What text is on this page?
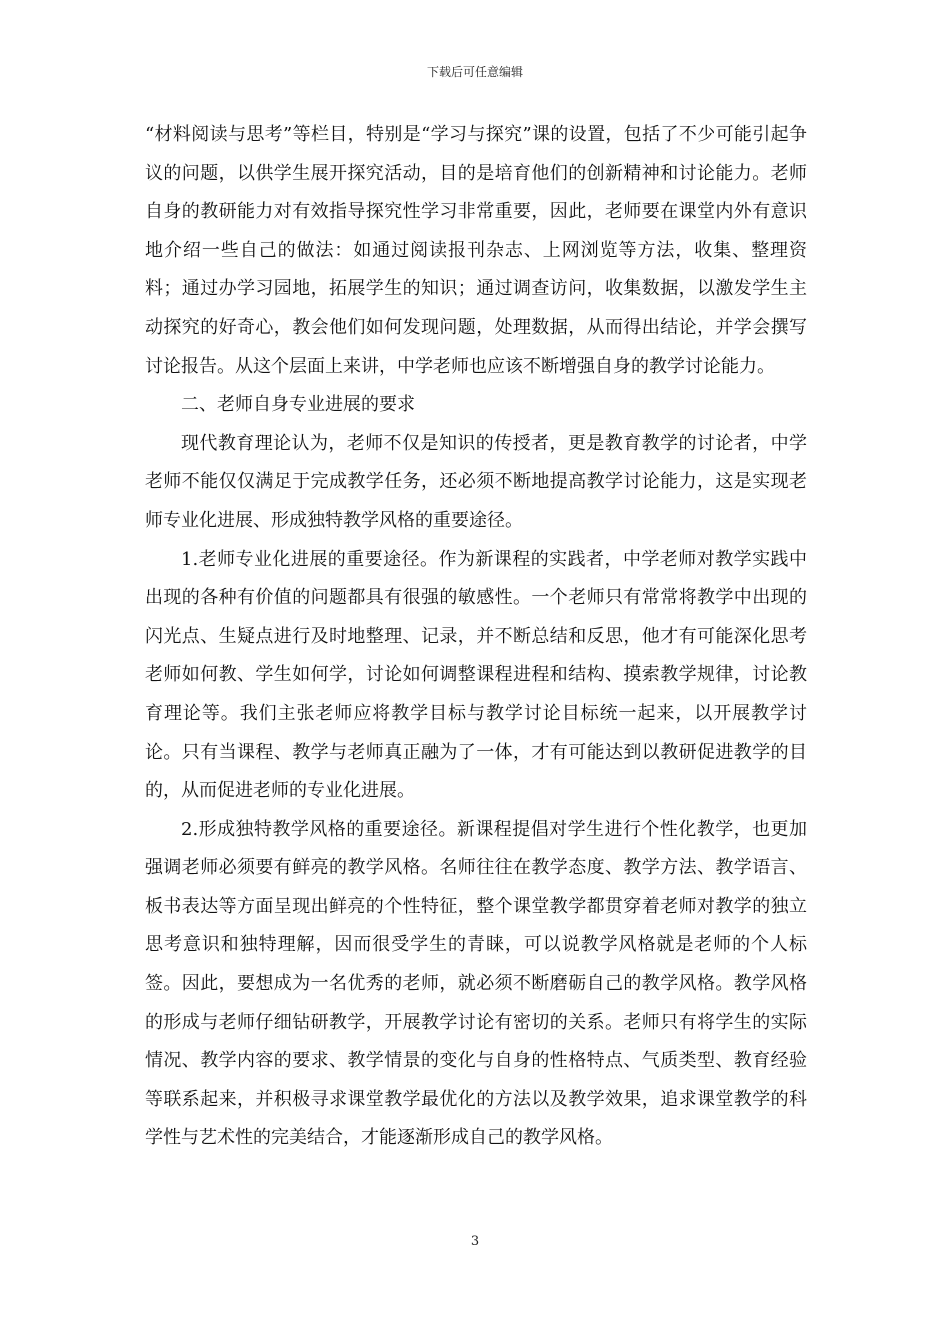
下载后可任意编辑

“材料阅读与思考”等栏目，特别是“学习与探究”课的设置，包括了不少可能引起争议的问题，以供学生展开探究活动，目的是培育他们的创新精神和讨论能力。老师自身的教研能力对有效指导探究性学习非常重要，因此，老师要在课堂内外有意识地介绍一些自己的做法：如通过阅读报刊杂志、上网浏览等方法，收集、整理资料；通过办学习园地，拓展学生的知识；通过调查访问，收集数据，以激发学生主动探究的好奇心，教会他们如何发现问题，处理数据，从而得出结论，并学会撰写讨论报告。从这个层面上来讲，中学老师也应该不断增强自身的教学讨论能力。

二、老师自身专业进展的要求

现代教育理论认为，老师不仅是知识的传授者，更是教育教学的讨论者，中学老师不能仅仅满足于完成教学任务，还必须不断地提高教学讨论能力，这是实现老师专业化进展、形成独特教学风格的重要途径。

1.老师专业化进展的重要途径。作为新课程的实践者，中学老师对教学实践中出现的各种有价值的问题都具有很强的敏感性。一个老师只有常常将教学中出现的闪光点、生疑点进行及时地整理、记录，并不断总结和反思，他才有可能深化思考老师如何教、学生如何学，讨论如何调整课程进程和结构、摸索教学规律，讨论教育理论等。我们主张老师应将教学目标与教学讨论目标统一起来，以开展教学讨论。只有当课程、教学与老师真正融为了一体，才有可能达到以教研促进教学的目的，从而促进老师的专业化进展。

2.形成独特教学风格的重要途径。新课程提倡对学生进行个性化教学，也更加强调老师必须要有鲜亮的教学风格。名师往往在教学态度、教学方法、教学语言、板书表达等方面呈现出鲜亮的个性特征，整个课堂教学都贯穿着老师对教学的独立思考意识和独特理解，因而很受学生的青睐，可以说教学风格就是老师的个人标签。因此，要想成为一名优秀的老师，就必须不断磨砺自己的教学风格。教学风格的形成与老师仔细钻研教学，开展教学讨论有密切的关系。老师只有将学生的实际情况、教学内容的要求、教学情景的变化与自身的性格特点、气质类型、教育经验等联系起来，并积极寻求课堂教学最优化的方法以及教学效果，追求课堂教学的科学性与艺术性的完美结合，才能逐渐形成自己的教学风格。

3
